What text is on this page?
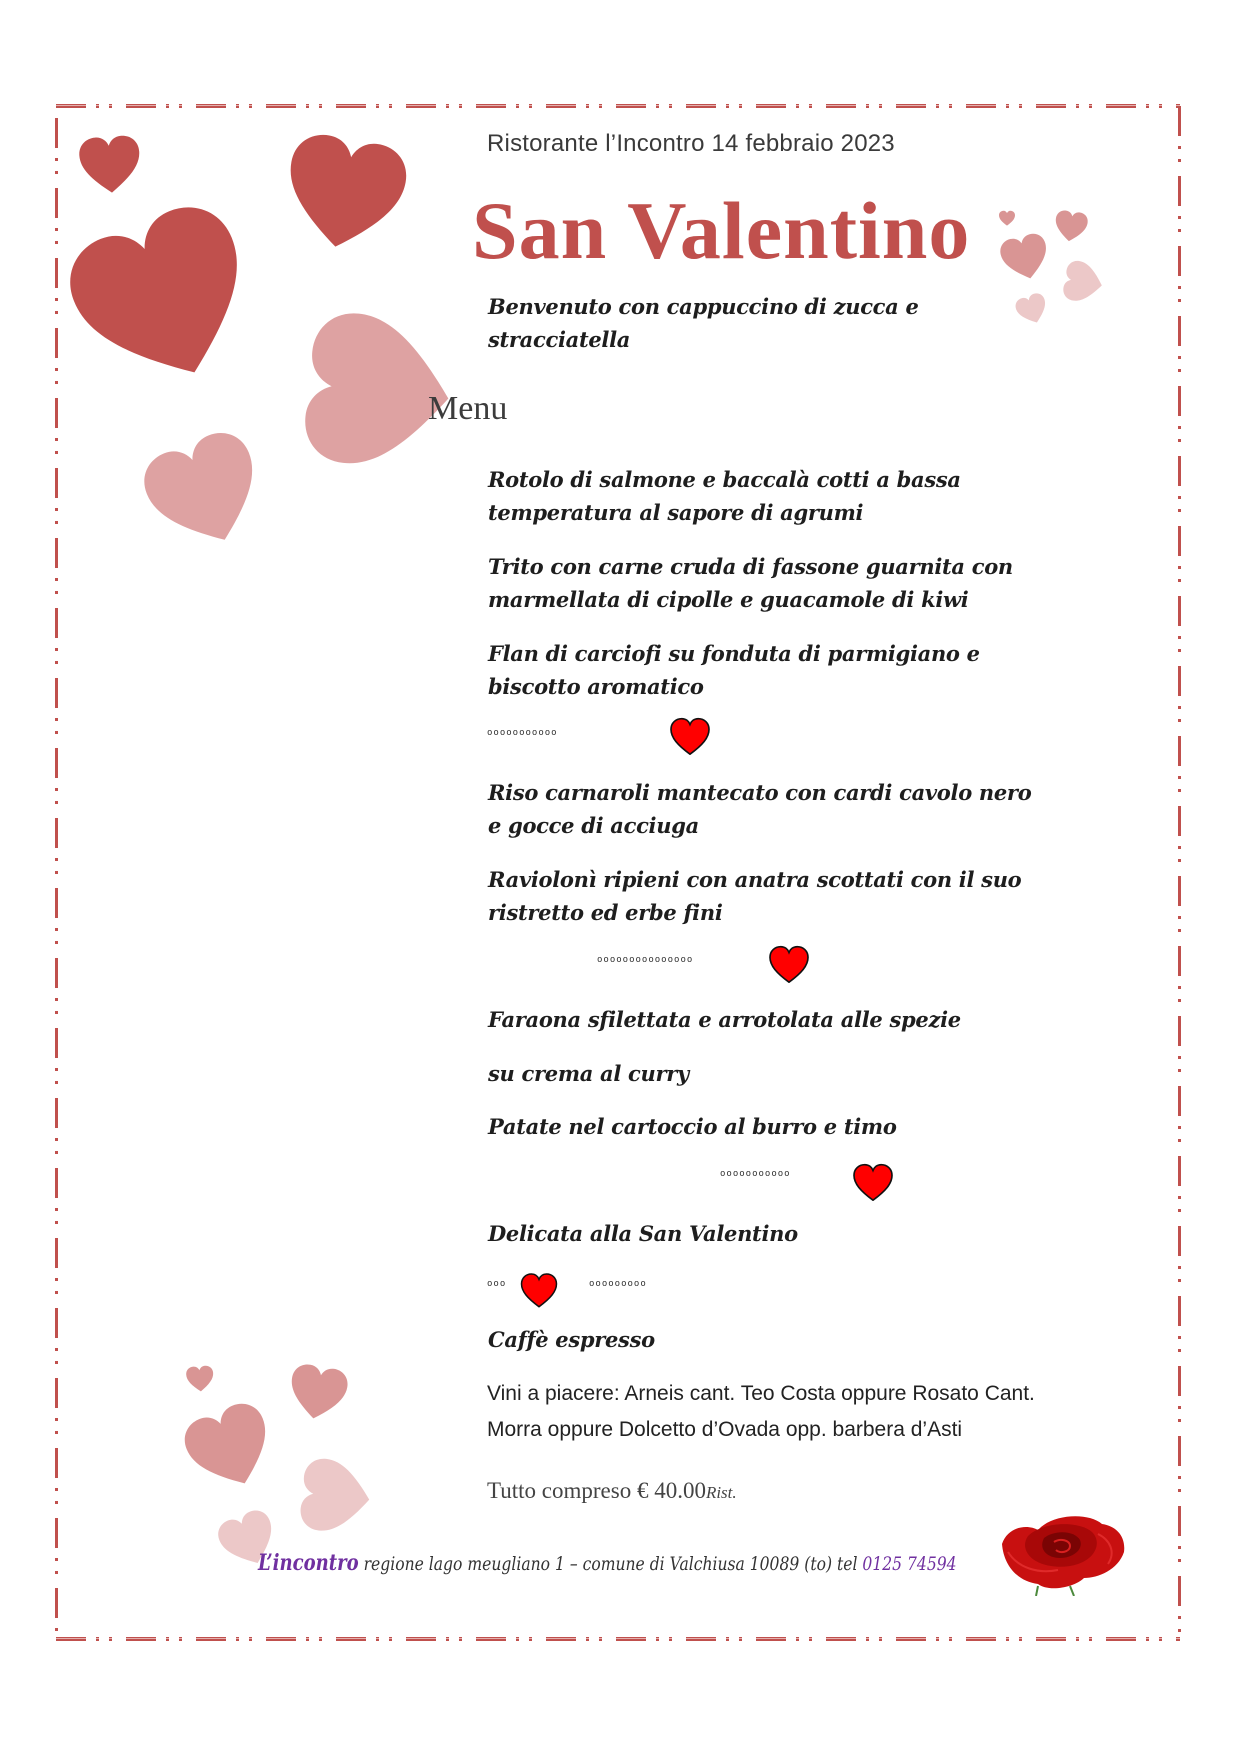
Ristorante l’Incontro 14 febbraio 2023
San Valentino
Benvenuto con cappuccino di zucca e
stracciatella
Menu
Rotolo di salmone e baccalà cotti a bassa
temperatura al sapore di agrumi
Trito con carne cruda di fassone guarnita con
marmellata di cipolle e guacamole di kiwi
Flan di carciofi su fonduta di parmigiano e
biscotto aromatico
ooooooooooo
Riso carnaroli mantecato con cardi cavolo nero
e gocce di acciuga
Raviolonì ripieni con anatra scottati con il suo
ristretto ed erbe fini
ooooooooooooooo
Faraona sfilettata e arrotolata alle spezie
su crema al curry
Patate nel cartoccio al burro e timo
ooooooooooo
Delicata alla San Valentino
ooo	ooooooooo
Caffè espresso
Vini a piacere: Arneis cant. Teo Costa oppure Rosato Cant.
Morra oppure Dolcetto d’Ovada opp. barbera d’Asti
Tutto compreso € 40.00Rist.
L’incontro regione lago meugliano 1 – comune di Valchiusa 10089 (to) tel 0125 74594
